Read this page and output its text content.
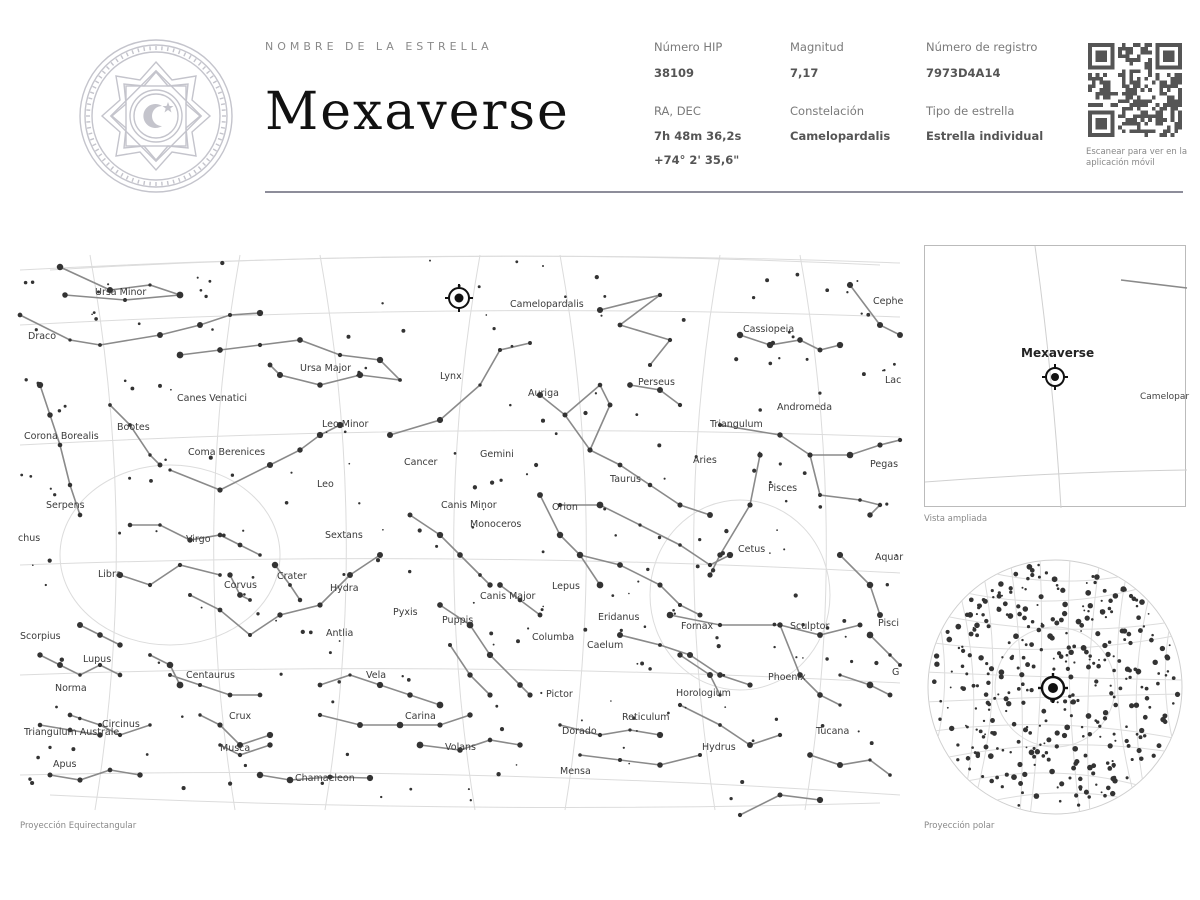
NOMBRE DE LA ESTRELLA
Mexaverse
Número HIP
38109
Magnitud
7,17
Número de registro
7973D4A14
RA, DEC
7h 48m 36,2s
+74° 2' 35,6"
Constelación
Camelopardalis
Tipo de estrella
Estrella individual
Escanear para ver en la aplicación móvil
Ursa Minor
Draco
Camelopardalis
Cassiopeia
Cephe
Ursa Major
Lynx	Lac
Canes Venatici
Perseus
Auriga
Andromeda
Bootes
Corona Borealis
Leo Minor	Triangulum
Coma Berenices	Gemini
Aries	Pegas
Cancer
Taurus
Leo	Pisces
Serpens	Canis Minor	Orion
Monoceros
Sextans
chus	Virgo
Cetus
Aquar
Libra
Corvus
Crater
Hydra	Lepus
Canis Major
Pyxis
Puppis	Eridanus
Scorpius	Antlia	Columba
Caelum
Fornax	Sculptor	Pisci
Lupus
Centaurus	Vela	Phoenix	G
Norma
Crux	Carina
Pictor	Horologium
Circinus
Triangulum Australe	Dorado
Reticulum
Tucana
Musca	Volans	Hydrus
Apus
Mensa
Chamaeleon
Proyección Equirectangular
Mexaverse
Camelopar
Vista ampliada
Proyección polar
